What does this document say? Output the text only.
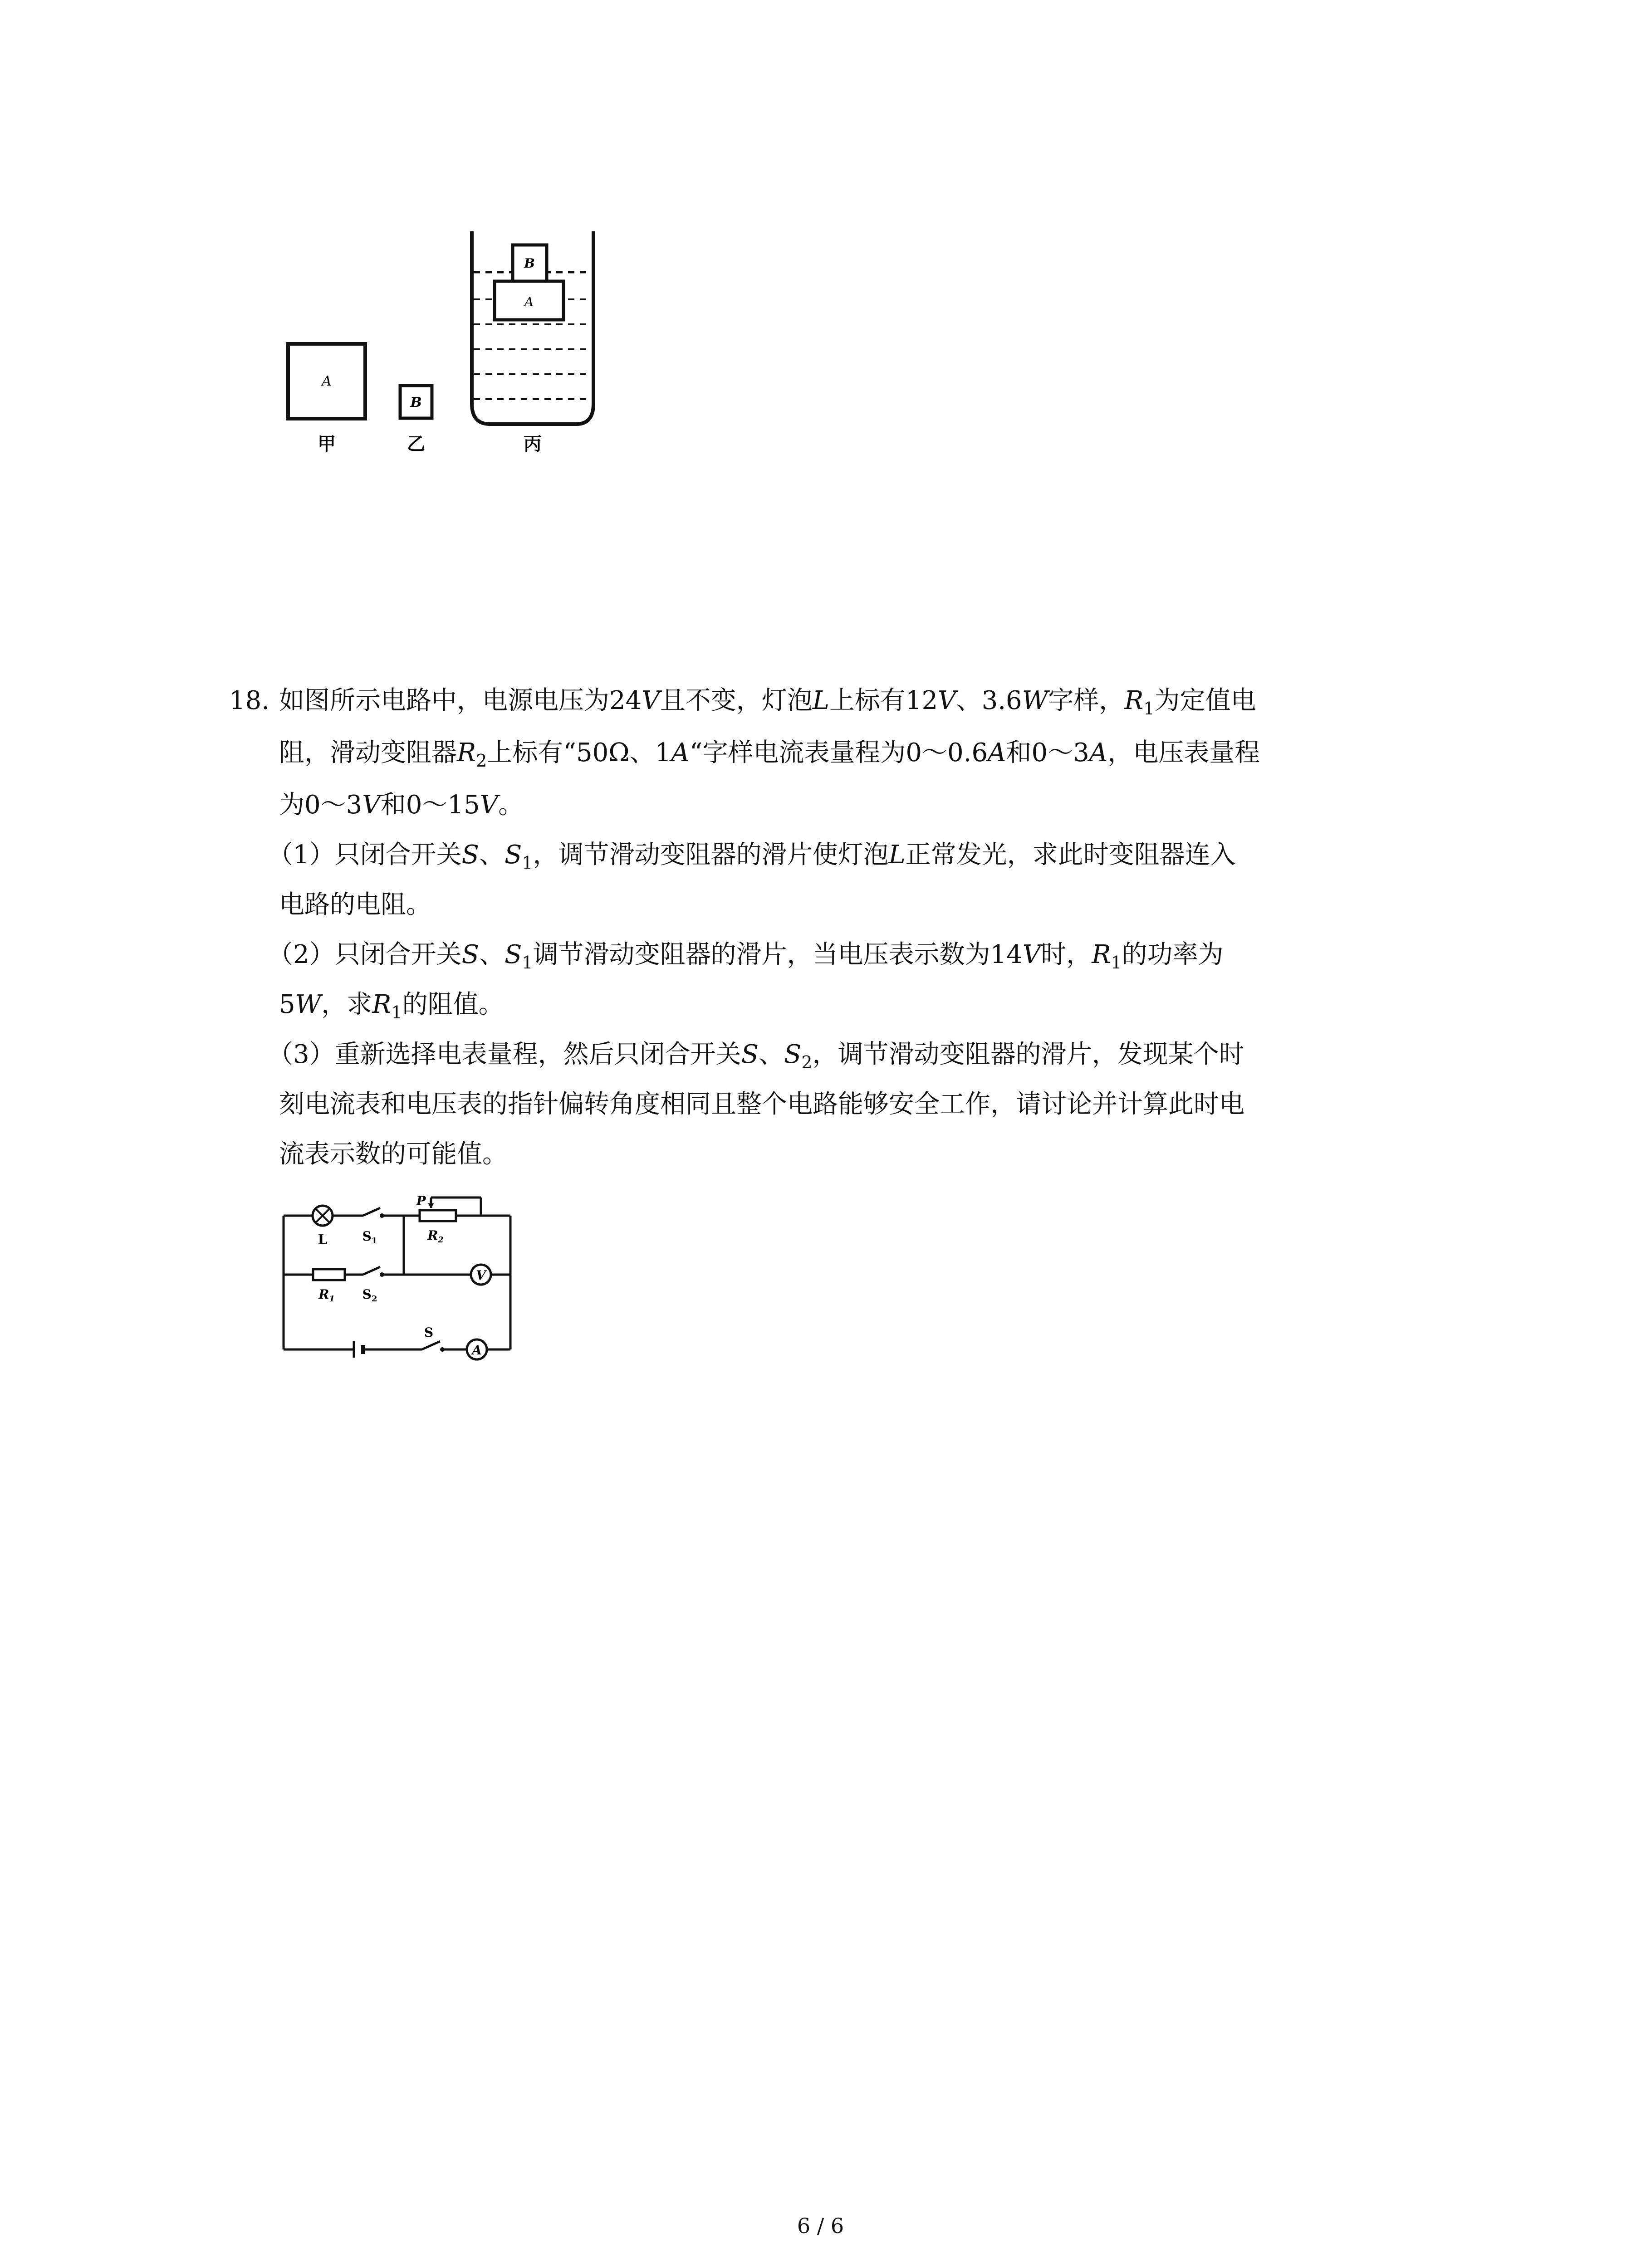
A
B
A
B
甲	乙	丙
18. 如图所示电路中，电源电压为24V且不变，灯泡L上标有12V、3.6W字样，$R_1$为定值电
阻，滑动变阻器$R_2$上标有“50Ω、1A“字样电流表量程为0～0.6A和0～3A，电压表量程
为0～3V和0～15V。
（1）只闭合开关S、$S_1$，调节滑动变阻器的滑片使灯泡L正常发光，求此时变阻器连入
电路的电阻。
（2）只闭合开关S、$S_1$调节滑动变阻器的滑片，当电压表示数为14V时，$R_1$的功率为
5W，求$R_1$的阻值。
（3）重新选择电表量程，然后只闭合开关S、$S_2$，调节滑动变阻器的滑片，发现某个时
刻电流表和电压表的指针偏转角度相同且整个电路能够安全工作，请讨论并计算此时电
流表示数的可能值。
L	$S_1$
P
$R_2$
$R_1$ $S_2$
V
S
A
6 / 6
